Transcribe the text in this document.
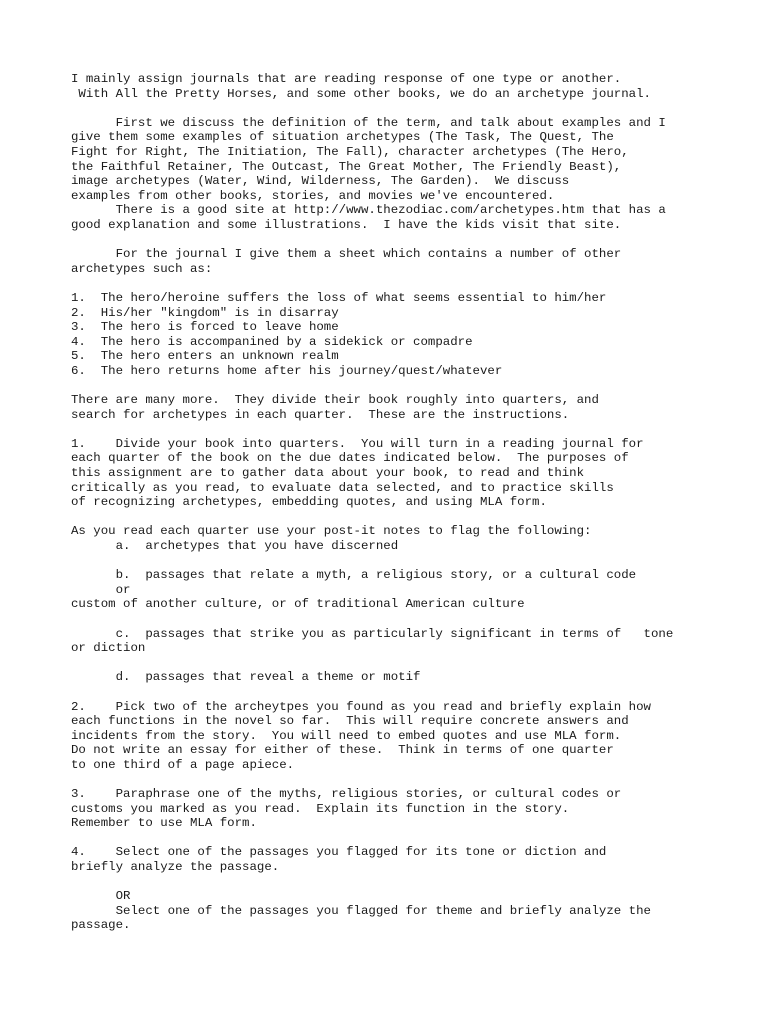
I mainly assign journals that are reading response of one type or another.
With All the Pretty Horses, and some other books, we do an archetype journal.
First we discuss the definition of the term, and talk about examples and I
give them some examples of situation archetypes (The Task, The Quest, The
Fight for Right, The Initiation, The Fall), character archetypes (The Hero,
the Faithful Retainer, The Outcast, The Great Mother, The Friendly Beast),
image archetypes (Water, Wind, Wilderness, The Garden).  We discuss
examples from other books, stories, and movies we've encountered.
There is a good site at http://www.thezodiac.com/archetypes.htm that has a
good explanation and some illustrations.  I have the kids visit that site.
For the journal I give them a sheet which contains a number of other
archetypes such as:
1.  The hero/heroine suffers the loss of what seems essential to him/her
2.  His/her "kingdom" is in disarray
3.  The hero is forced to leave home
4.  The hero is accompanined by a sidekick or compadre
5.  The hero enters an unknown realm
6.  The hero returns home after his journey/quest/whatever
There are many more.  They divide their book roughly into quarters, and
search for archetypes in each quarter.  These are the instructions.
1.    Divide your book into quarters.  You will turn in a reading journal for
each quarter of the book on the due dates indicated below.  The purposes of
this assignment are to gather data about your book, to read and think
critically as you read, to evaluate data selected, and to practice skills
of recognizing archetypes, embedding quotes, and using MLA form.
As you read each quarter use your post-it notes to flag the following:
a.  archetypes that you have discerned
b.  passages that relate a myth, a religious story, or a cultural code
or
custom of another culture, or of traditional American culture
c.  passages that strike you as particularly significant in terms of   tone
or diction
d.  passages that reveal a theme or motif
2.    Pick two of the archeytpes you found as you read and briefly explain how
each functions in the novel so far.  This will require concrete answers and
incidents from the story.  You will need to embed quotes and use MLA form.
Do not write an essay for either of these.  Think in terms of one quarter
to one third of a page apiece.
3.    Paraphrase one of the myths, religious stories, or cultural codes or
customs you marked as you read.  Explain its function in the story.
Remember to use MLA form.
4.    Select one of the passages you flagged for its tone or diction and
briefly analyze the passage.
OR
Select one of the passages you flagged for theme and briefly analyze the
passage.
